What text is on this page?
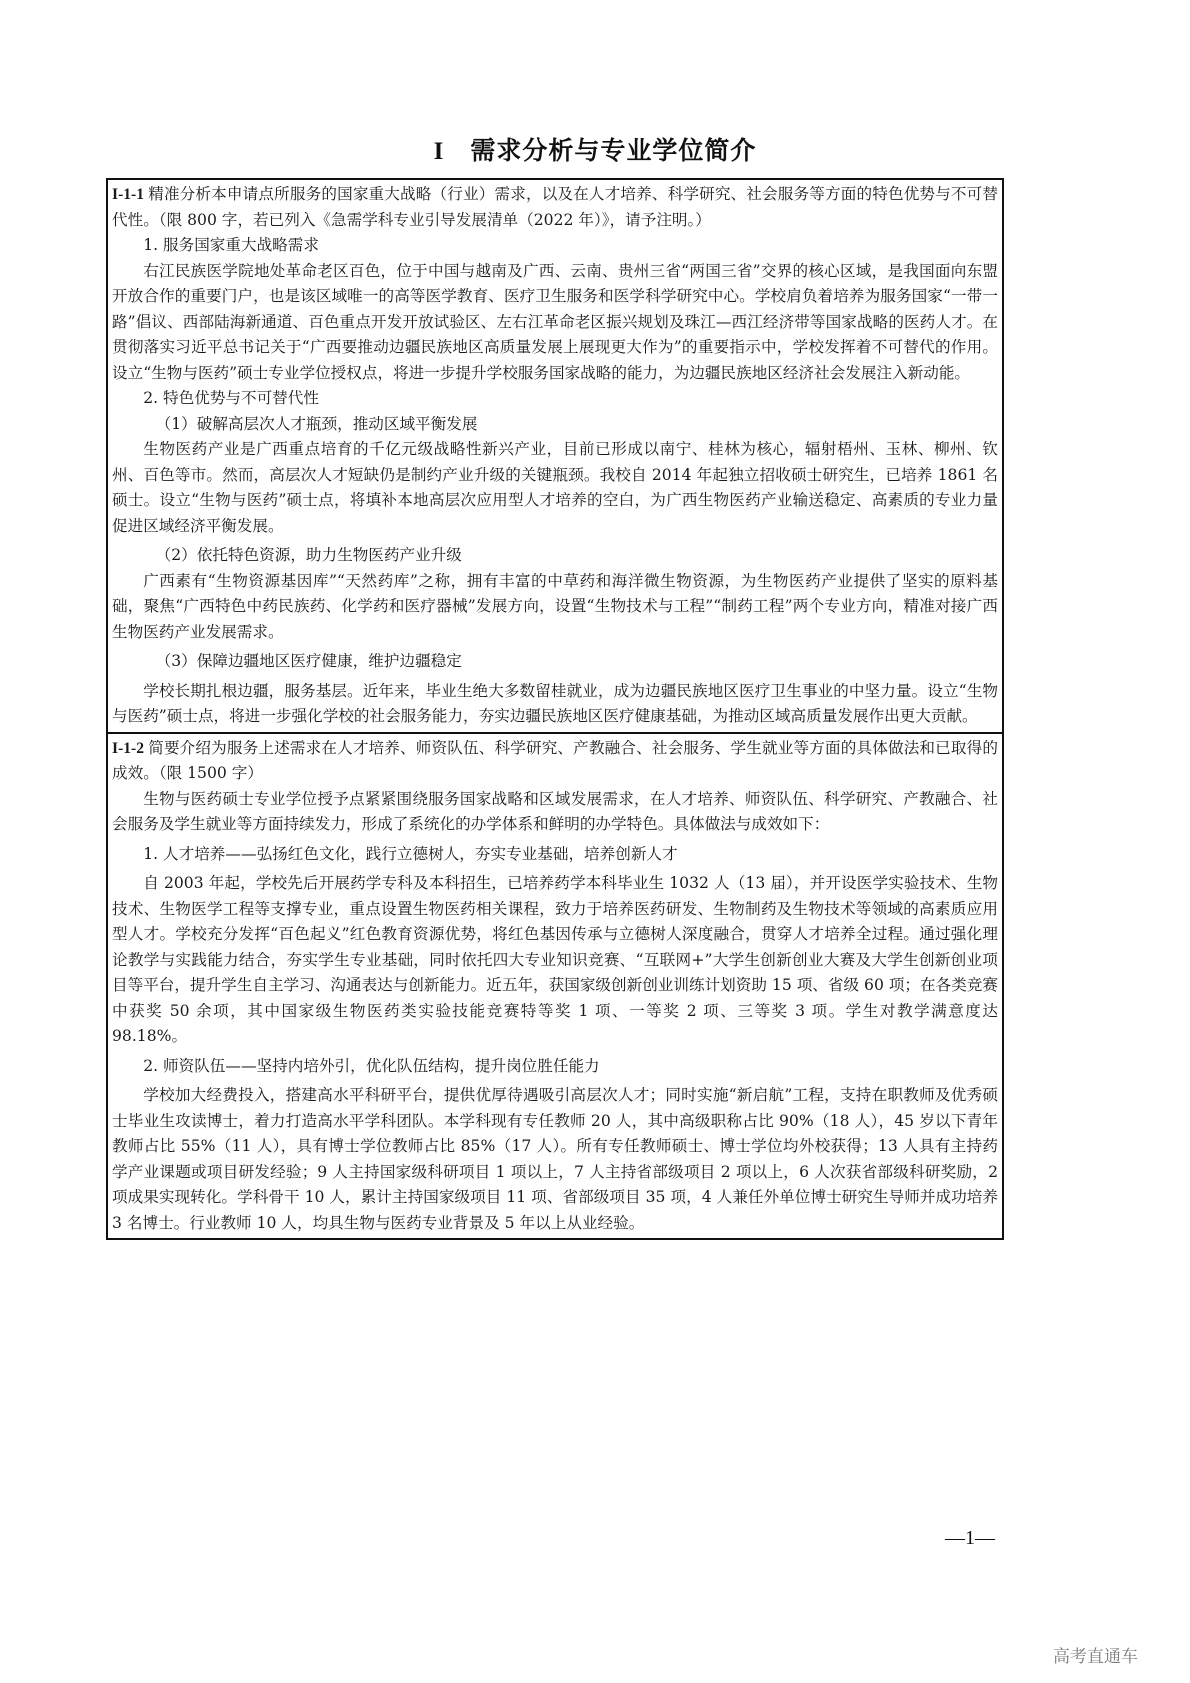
I 需求分析与专业学位简介

I-1-1 精准分析本申请点所服务的国家重大战略（行业）需求，以及在人才培养、科学研究、社会服务等方面的特色优势与不可替代性。（限 800 字，若已列入《急需学科专业引导发展清单（2022 年）》，请予注明。）

1. 服务国家重大战略需求

右江民族医学院地处革命老区百色，位于中国与越南及广西、云南、贵州三省“两国三省”交界的核心区域，是我国面向东盟开放合作的重要门户，也是该区域唯一的高等医学教育、医疗卫生服务和医学科学研究中心。学校肩负着培养为服务国家“一带一路”倡议、西部陆海新通道、百色重点开发开放试验区、左右江革命老区振兴规划及珠江—西江经济带等国家战略的医药人才。在贯彻落实习近平总书记关于“广西要推动边疆民族地区高质量发展上展现更大作为”的重要指示中，学校发挥着不可替代的作用。设立“生物与医药”硕士专业学位授权点，将进一步提升学校服务国家战略的能力，为边疆民族地区经济社会发展注入新动能。

2. 特色优势与不可替代性

（1）破解高层次人才瓶颈，推动区域平衡发展

生物医药产业是广西重点培育的千亿元级战略性新兴产业，目前已形成以南宁、桂林为核心，辐射梧州、玉林、柳州、钦州、百色等市。然而，高层次人才短缺仍是制约产业升级的关键瓶颈。我校自 2014 年起独立招收硕士研究生，已培养 1861 名硕士。设立“生物与医药”硕士点，将填补本地高层次应用型人才培养的空白，为广西生物医药产业输送稳定、高素质的专业力量促进区域经济平衡发展。

（2）依托特色资源，助力生物医药产业升级

广西素有“生物资源基因库”“天然药库”之称，拥有丰富的中草药和海洋微生物资源，为生物医药产业提供了坚实的原料基础，聚焦“广西特色中药民族药、化学药和医疗器械”发展方向，设置“生物技术与工程”“制药工程”两个专业方向，精准对接广西生物医药产业发展需求。

（3）保障边疆地区医疗健康，维护边疆稳定

学校长期扎根边疆，服务基层。近年来，毕业生绝大多数留桂就业，成为边疆民族地区医疗卫生事业的中坚力量。设立“生物与医药”硕士点，将进一步强化学校的社会服务能力，夯实边疆民族地区医疗健康基础，为推动区域高质量发展作出更大贡献。

I-1-2 简要介绍为服务上述需求在人才培养、师资队伍、科学研究、产教融合、社会服务、学生就业等方面的具体做法和已取得的成效。（限 1500 字）

生物与医药硕士专业学位授予点紧紧围绕服务国家战略和区域发展需求，在人才培养、师资队伍、科学研究、产教融合、社会服务及学生就业等方面持续发力，形成了系统化的办学体系和鲜明的办学特色。具体做法与成效如下：

1. 人才培养——弘扬红色文化，践行立德树人，夯实专业基础，培养创新人才

自 2003 年起，学校先后开展药学专科及本科招生，已培养药学本科毕业生 1032 人（13 届），并开设医学实验技术、生物技术、生物医学工程等支撑专业，重点设置生物医药相关课程，致力于培养医药研发、生物制药及生物技术等领域的高素质应用型人才。学校充分发挥“百色起义”红色教育资源优势，将红色基因传承与立德树人深度融合，贯穿人才培养全过程。通过强化理论教学与实践能力结合，夯实学生专业基础，同时依托四大专业知识竞赛、“互联网+”大学生创新创业大赛及大学生创新创业项目等平台，提升学生自主学习、沟通表达与创新能力。近五年，获国家级创新创业训练计划资助 15 项、省级 60 项；在各类竞赛中获奖 50 余项，其中国家级生物医药类实验技能竞赛特等奖 1 项、一等奖 2 项、三等奖 3 项。学生对教学满意度达 98.18%。

2. 师资队伍——坚持内培外引，优化队伍结构，提升岗位胜任能力

学校加大经费投入，搭建高水平科研平台，提供优厚待遇吸引高层次人才；同时实施“新启航”工程，支持在职教师及优秀硕士毕业生攻读博士，着力打造高水平学科团队。本学科现有专任教师 20 人，其中高级职称占比 90%（18 人），45 岁以下青年教师占比 55%（11 人），具有博士学位教师占比 85%（17 人）。所有专任教师硕士、博士学位均外校获得；13 人具有主持药学产业课题或项目研发经验；9 人主持国家级科研项目 1 项以上，7 人主持省部级项目 2 项以上，6 人次获省部级科研奖励，2 项成果实现转化。学科骨干 10 人，累计主持国家级项目 11 项、省部级项目 35 项，4 人兼任外单位博士研究生导师并成功培养 3 名博士。行业教师 10 人，均具生物与医药专业背景及 5 年以上从业经验。

—1—
高考直通车
